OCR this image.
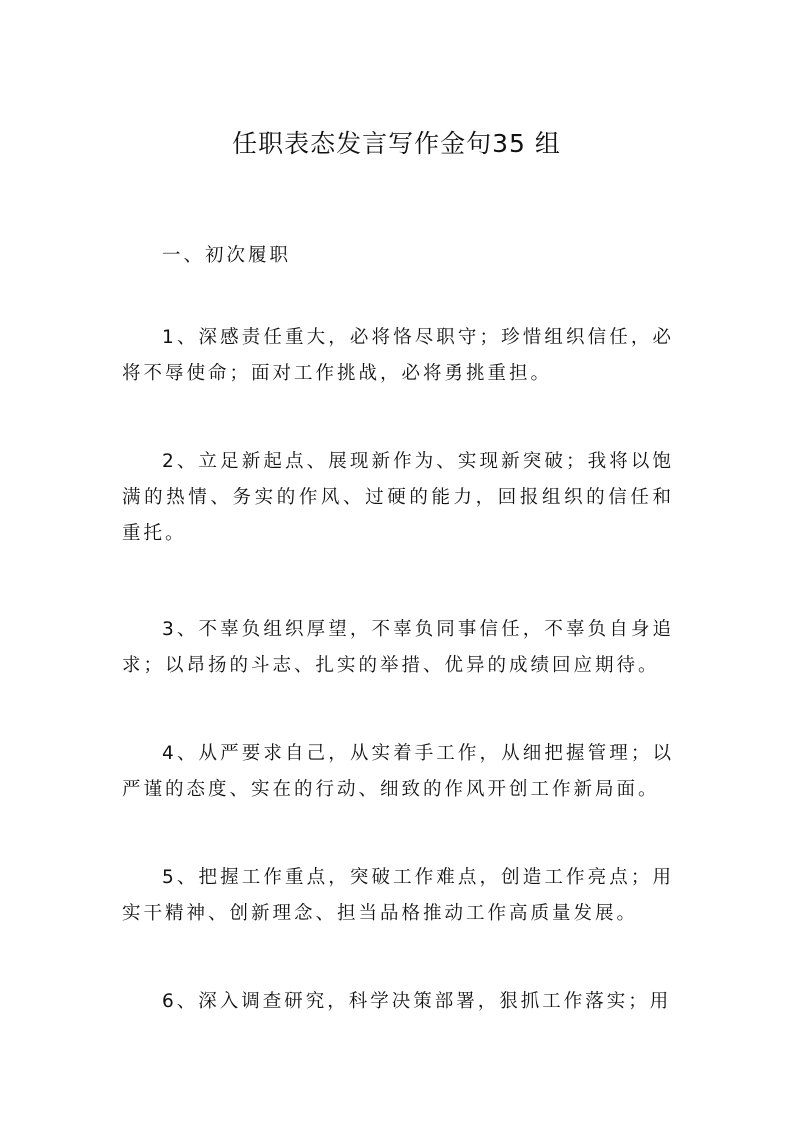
任职表态发言写作金句35 组

一、初次履职

1、深感责任重大，必将恪尽职守；珍惜组织信任，必将不辱使命；面对工作挑战，必将勇挑重担。

2、立足新起点、展现新作为、实现新突破；我将以饱满的热情、务实的作风、过硬的能力，回报组织的信任和重托。

3、不辜负组织厚望，不辜负同事信任，不辜负自身追求；以昂扬的斗志、扎实的举措、优异的成绩回应期待。

4、从严要求自己，从实着手工作，从细把握管理；以严谨的态度、实在的行动、细致的作风开创工作新局面。

5、把握工作重点，突破工作难点，创造工作亮点；用实干精神、创新理念、担当品格推动工作高质量发展。

6、深入调查研究，科学决策部署，狠抓工作落实；用
